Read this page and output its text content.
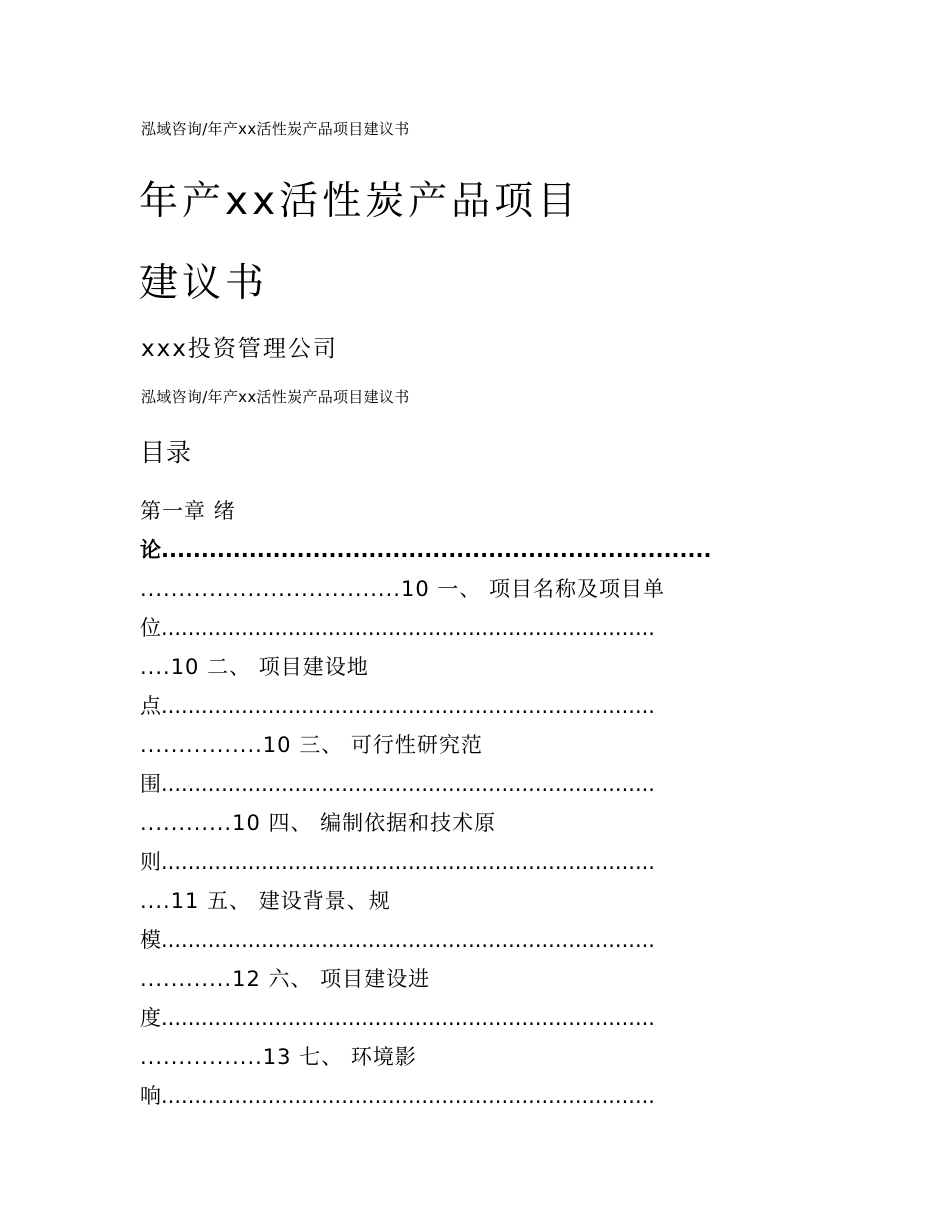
泓域咨询/年产xx活性炭产品项目建议书
年产xx活性炭产品项目
建议书
xxx投资管理公司
泓域咨询/年产xx活性炭产品项目建议书
目录
第一章 绪
论.....................................................................
..................................10 一、 项目名称及项目单
位..........................................................................
....10 二、 项目建设地
点..........................................................................
................10 三、 可行性研究范
围..........................................................................
............10 四、 编制依据和技术原
则..........................................................................
....11 五、 建设背景、规
模..........................................................................
............12 六、 项目建设进
度..........................................................................
................13 七、 环境影
响..........................................................................
